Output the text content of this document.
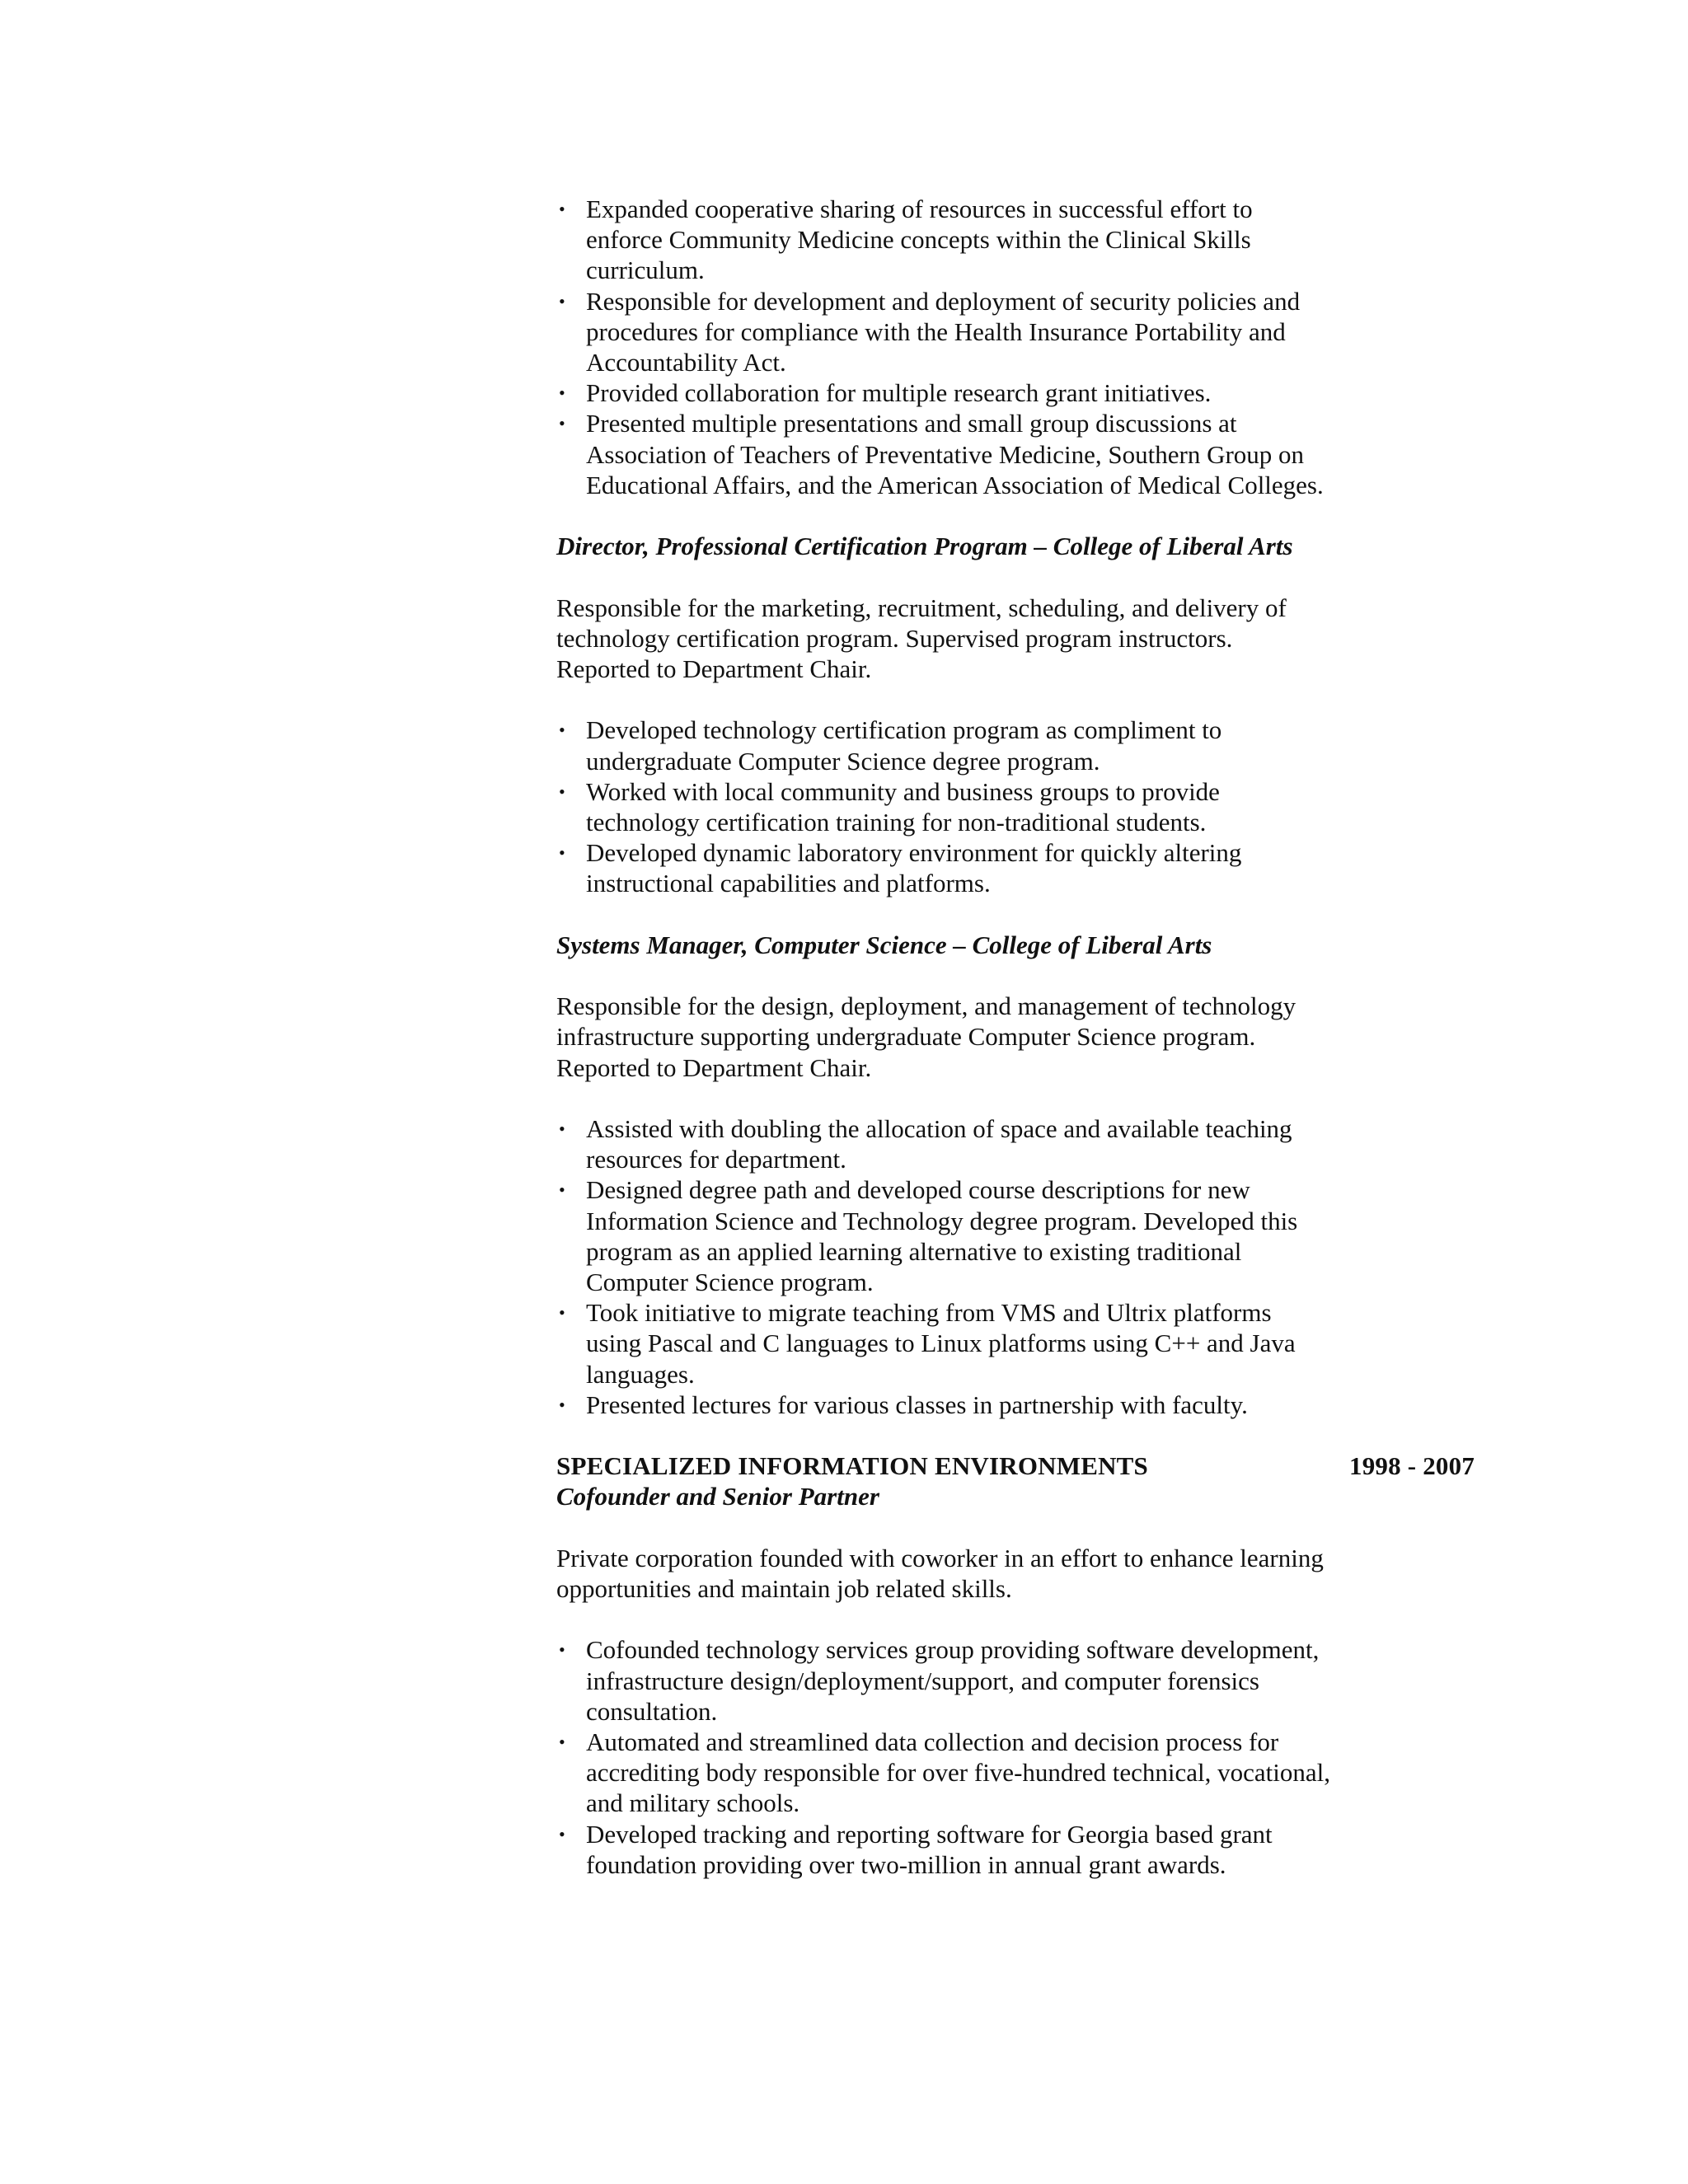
• Expanded cooperative sharing of resources in successful effort to enforce Community Medicine concepts within the Clinical Skills curriculum.
• Responsible for development and deployment of security policies and procedures for compliance with the Health Insurance Portability and Accountability Act.
• Provided collaboration for multiple research grant initiatives.
• Presented multiple presentations and small group discussions at Association of Teachers of Preventative Medicine, Southern Group on Educational Affairs, and the American Association of Medical Colleges.

Director, Professional Certification Program – College of Liberal Arts

Responsible for the marketing, recruitment, scheduling, and delivery of technology certification program. Supervised program instructors. Reported to Department Chair.

• Developed technology certification program as compliment to undergraduate Computer Science degree program.
• Worked with local community and business groups to provide technology certification training for non-traditional students.
• Developed dynamic laboratory environment for quickly altering instructional capabilities and platforms.

Systems Manager, Computer Science – College of Liberal Arts

Responsible for the design, deployment, and management of technology infrastructure supporting undergraduate Computer Science program. Reported to Department Chair.

• Assisted with doubling the allocation of space and available teaching resources for department.
• Designed degree path and developed course descriptions for new Information Science and Technology degree program. Developed this program as an applied learning alternative to existing traditional Computer Science program.
• Took initiative to migrate teaching from VMS and Ultrix platforms using Pascal and C languages to Linux platforms using C++ and Java languages.
• Presented lectures for various classes in partnership with faculty.
SPECIALIZED INFORMATION ENVIRONMENTS	1998 - 2007

Cofounder and Senior Partner

Private corporation founded with coworker in an effort to enhance learning opportunities and maintain job related skills.

• Cofounded technology services group providing software development, infrastructure design/deployment/support, and computer forensics consultation.
• Automated and streamlined data collection and decision process for accrediting body responsible for over five-hundred technical, vocational, and military schools.
• Developed tracking and reporting software for Georgia based grant foundation providing over two-million in annual grant awards.
